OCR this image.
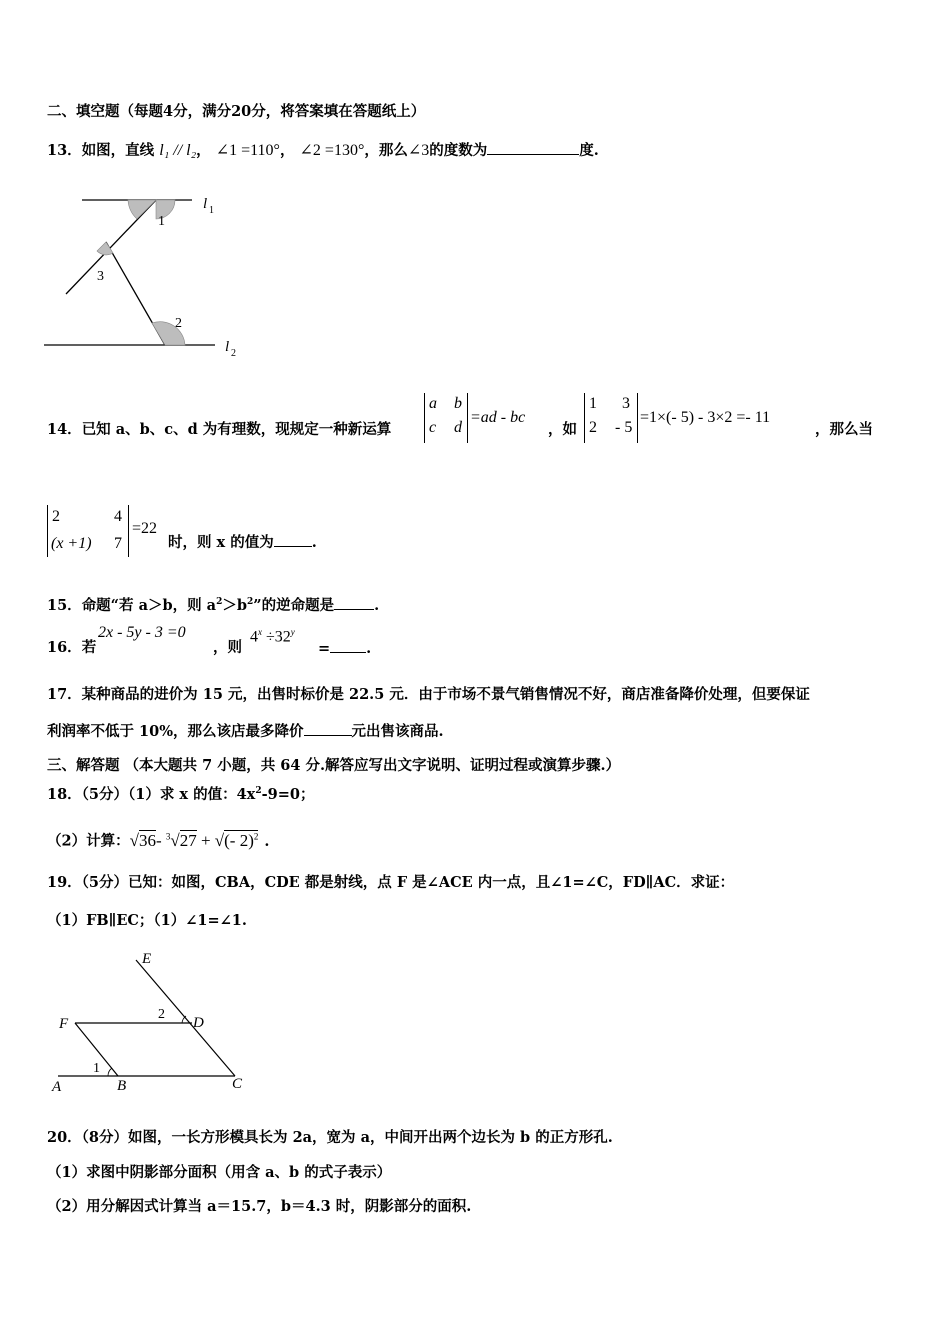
二、填空题（每题4分，满分20分，将答案填在答题纸上）
13．如图，直线 l₁ // l₂， ∠1 =110°， ∠2 =130°，那么∠3的度数为	度.
1
3
2
l 1
l 2
14．已知 a、b、c、d 为有理数，现规定一种新运算
a b
c d
=ad - bc
，如
1 3
2 - 5
=1×(- 5) - 3×2 =- 11
，那么当
2	4
(x +1) 7
=22
时，则 x 的值为	.
15．命题“若 a＞b，则 $a^2>b^2$”的逆命题是	.
16．若
2x - 5y - 3 =0
，则
$4^x \div 32^y$
= .
17．某种商品的进价为 15 元，出售时标价是 22.5 元．由于市场不景气销售情况不好，商店准备降价处理，但要保证
利润率不低于 10%，那么该店最多降价	元出售该商品.
三、解答题 （本大题共 7 小题，共 64 分.解答应写出文字说明、证明过程或演算步骤.）
18．（5分）（1）求 x 的值：$4x^2-9=0$；
（2）计算：√36- $^3$√27 + √(- 2)$^2$ .
19．（5分）已知：如图，CBA，CDE 都是射线，点 F 是∠ACE 内一点，且∠1=∠C，FD∥AC．求证：
（1）FB∥EC；（1）∠1=∠1.
E
F	D
A	B	C
1
2
20．（8分）如图，一长方形模具长为 2a，宽为 a，中间开出两个边长为 b 的正方形孔.
（1）求图中阴影部分面积（用含 a、b 的式子表示）
（2）用分解因式计算当 a＝15.7，b＝4.3 时，阴影部分的面积.
